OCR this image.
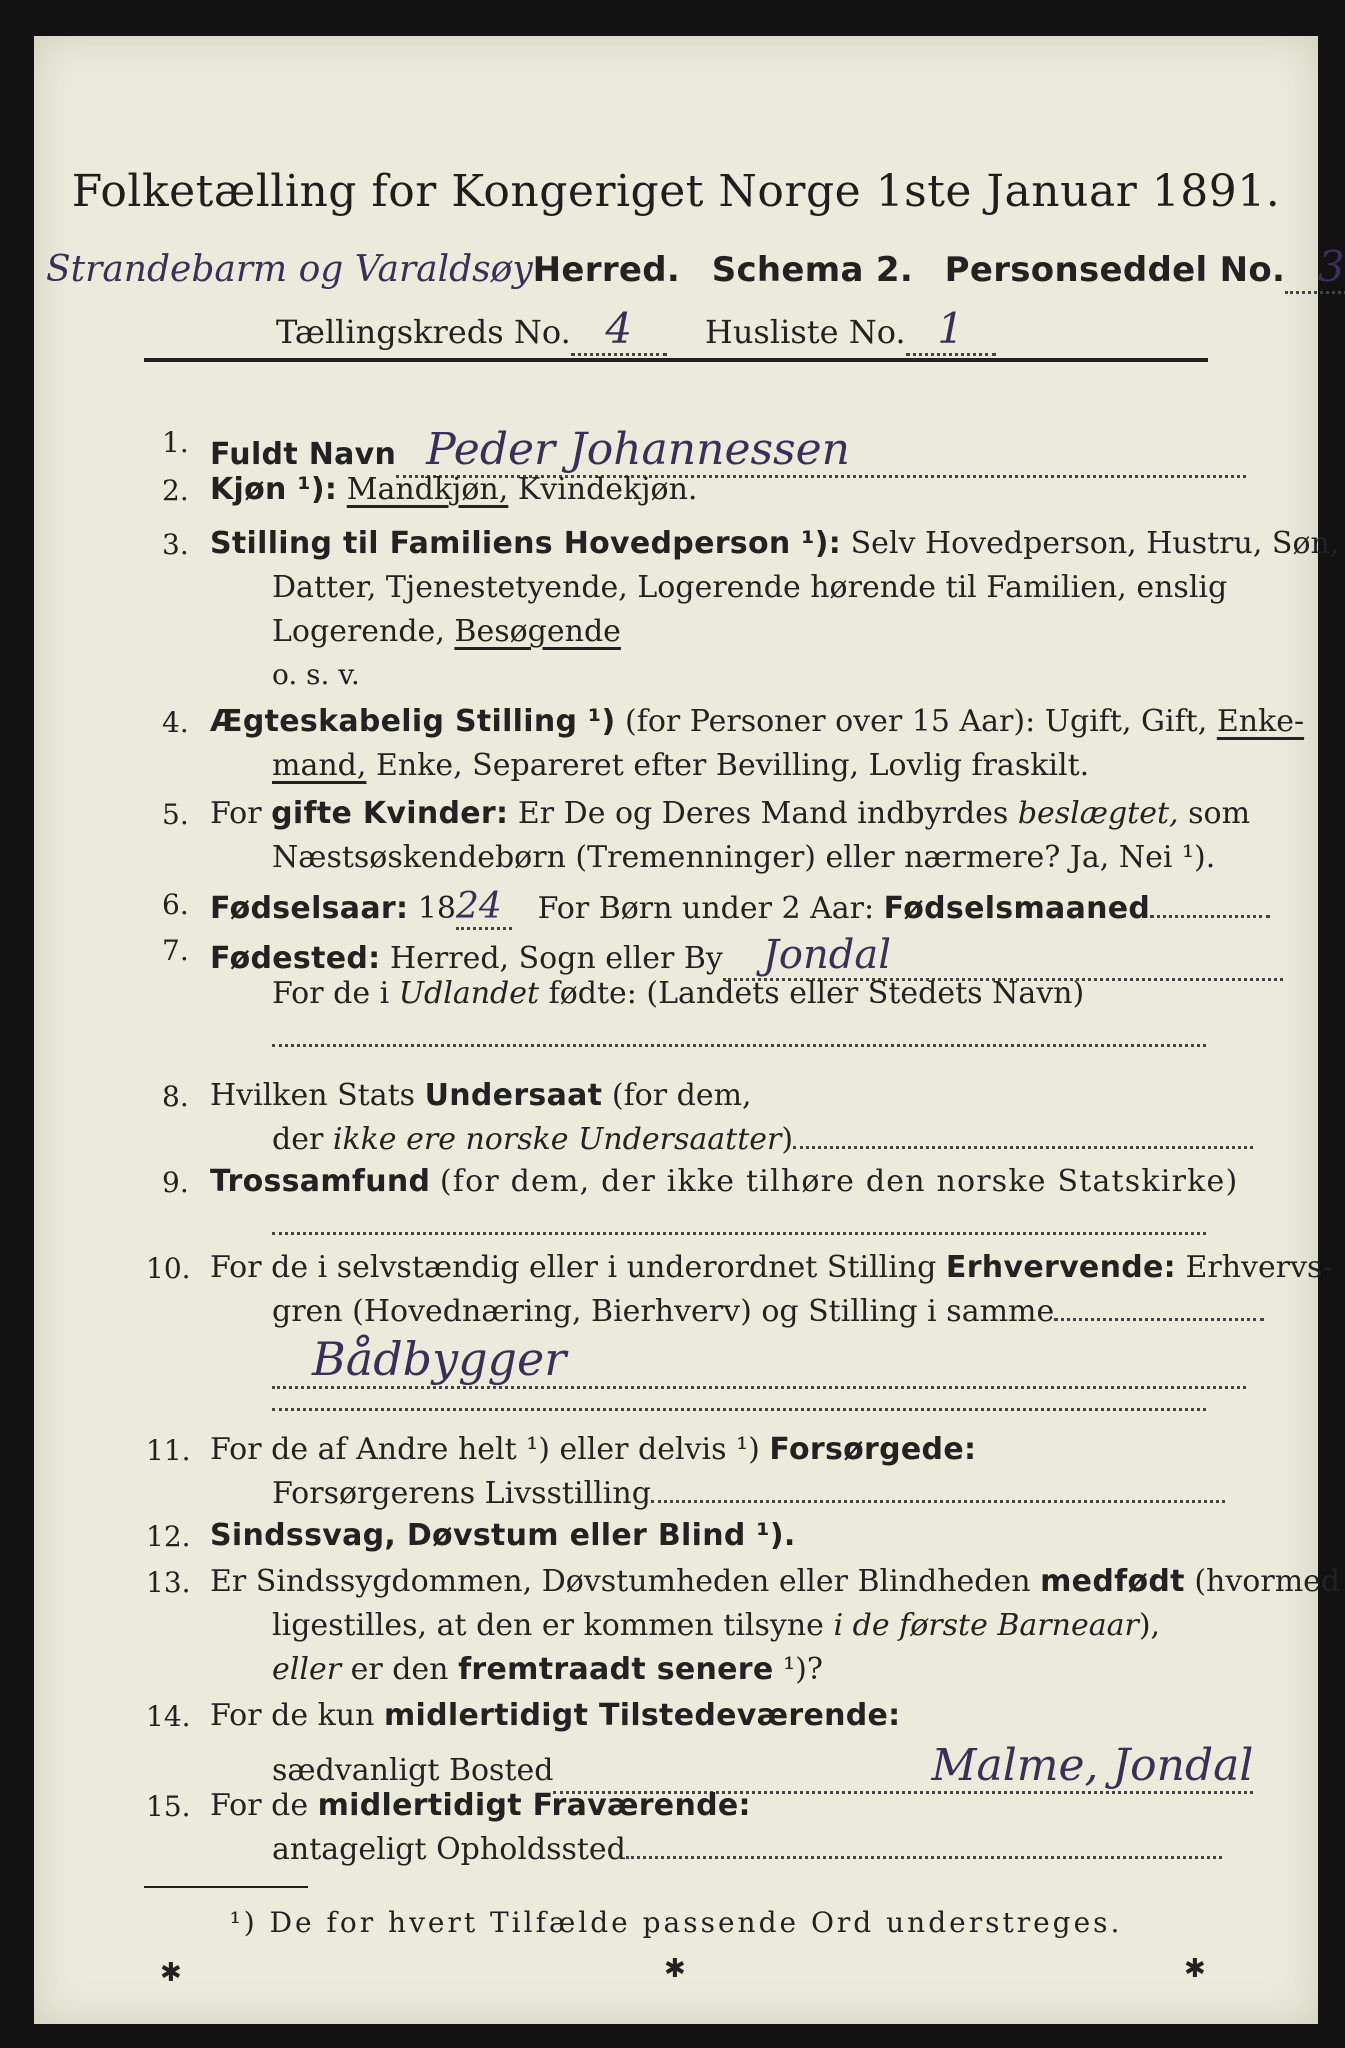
Folketælling for Kongeriget Norge 1ste Januar 1891.
Strandebarm og VaraldsøyHerred. Schema 2. Personseddel No. 3
Tællingskreds No. 4 Husliste No. 1
1. Fuldt Navn Peder Johannessen
2. Kjøn ¹): Mandkjøn, Kvindekjøn.
3. Stilling til Familiens Hovedperson ¹): Selv Hovedperson, Hustru, Søn,
Datter, Tjenestetyende, Logerende hørende til Familien, enslig
Logerende, Besøgende
o. s. v.
4. Ægteskabelig Stilling ¹) (for Personer over 15 Aar): Ugift, Gift, Enke-
mand, Enke, Separeret efter Bevilling, Lovlig fraskilt.
5. For gifte Kvinder: Er De og Deres Mand indbyrdes beslægtet, som
Næstsøskendebørn (Tremenninger) eller nærmere? Ja, Nei ¹).
6. Fødselsaar: 1824 For Børn under 2 Aar: Fødselsmaaned
7. Fødested: Herred, Sogn eller By Jondal
For de i Udlandet fødte: (Landets eller Stedets Navn)
8. Hvilken Stats Undersaat (for dem,
der ikke ere norske Undersaatter)
9. Trossamfund (for dem, der ikke tilhøre den norske Statskirke)
10. For de i selvstændig eller i underordnet Stilling Erhvervende: Erhvervs-
gren (Hovednæring, Bierhverv) og Stilling i samme
Bådbygger
11. For de af Andre helt ¹) eller delvis ¹) Forsørgede:
Forsørgerens Livsstilling
12. Sindssvag, Døvstum eller Blind ¹).
13. Er Sindssygdommen, Døvstumheden eller Blindheden medfødt (hvormed
ligestilles, at den er kommen tilsyne i de første Barneaar),
eller er den fremtraadt senere ¹)?
14. For de kun midlertidigt Tilstedeværende:
sædvanligt Bosted	Malme, Jondal
15. For de midlertidigt Fraværende:
antageligt Opholdssted
¹) De for hvert Tilfælde passende Ord understreges.
✱	✱	✱
